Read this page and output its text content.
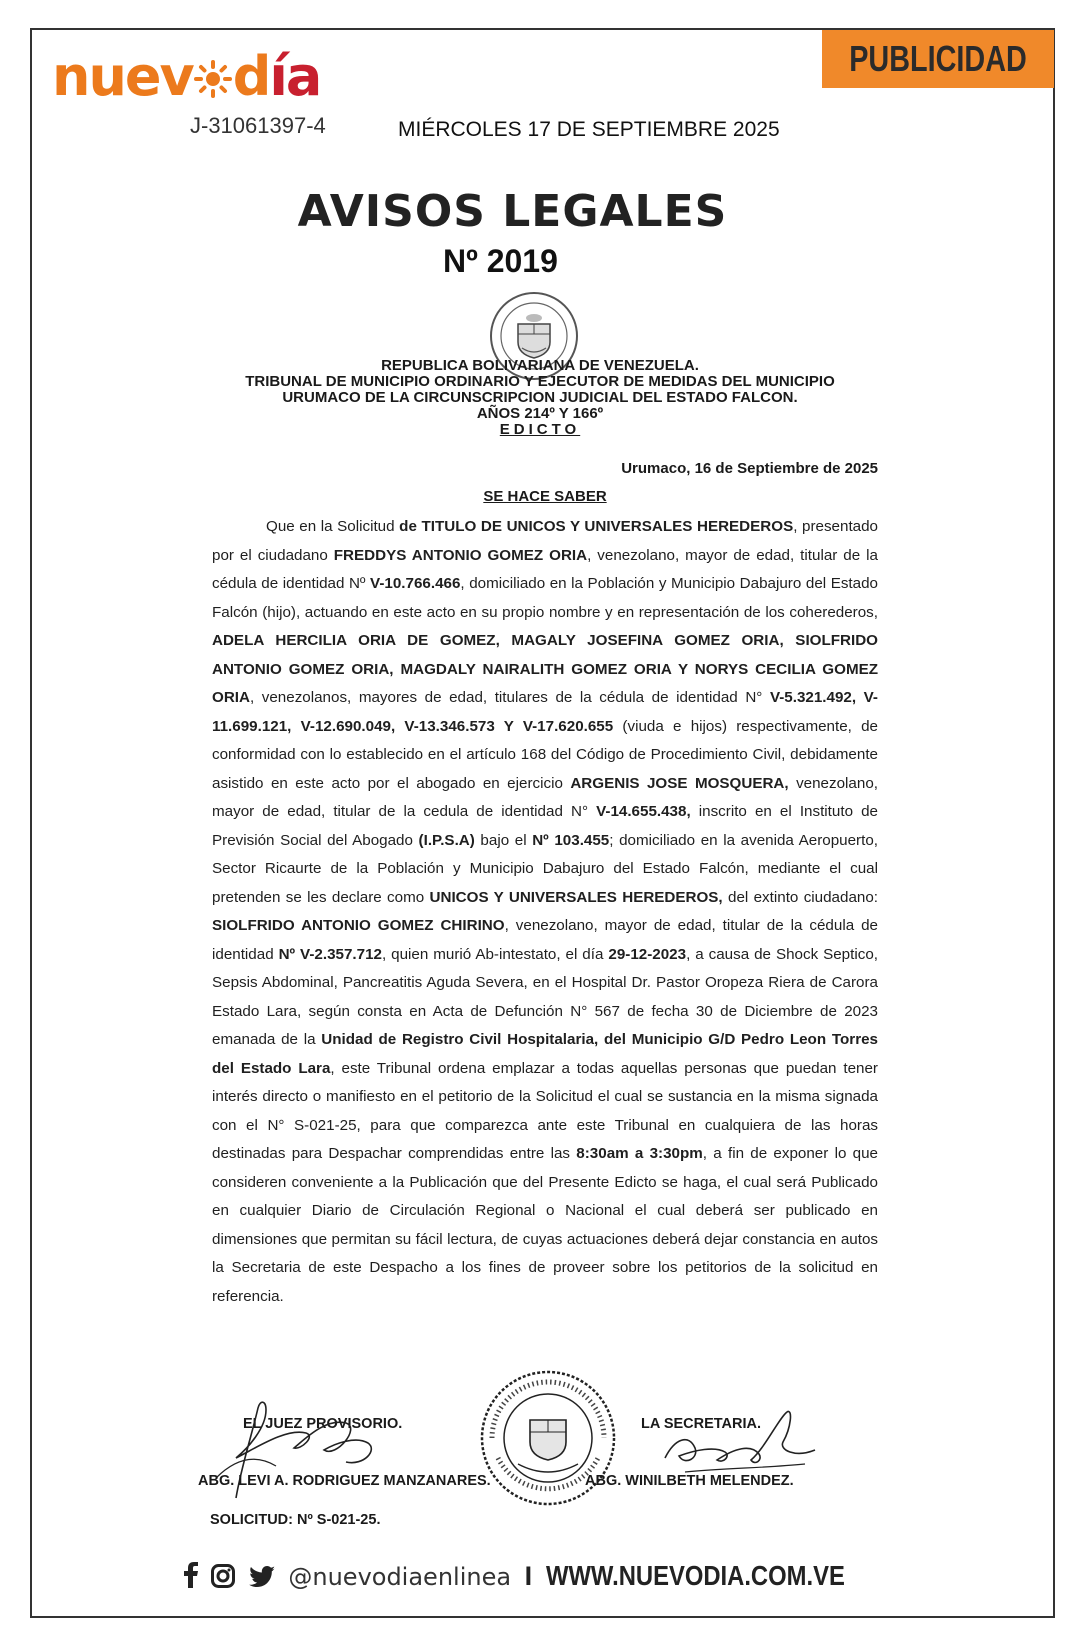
PUBLICIDAD
nuev día
J-31061397-4	MIÉRCOLES 17 DE SEPTIEMBRE 2025
AVISOS LEGALES
Nº 2019
REPUBLICA BOLIVARIANA DE VENEZUELA.
TRIBUNAL DE MUNICIPIO ORDINARIO Y EJECUTOR DE MEDIDAS DEL MUNICIPIO
URUMACO DE LA CIRCUNSCRIPCION JUDICIAL DEL ESTADO FALCON.
AÑOS 214º Y 166º
EDICTO
Urumaco, 16 de Septiembre de 2025
SE HACE SABER

Que en la Solicitud de TITULO DE UNICOS Y UNIVERSALES HEREDEROS, presentado por el ciudadano FREDDYS ANTONIO GOMEZ ORIA, venezolano, mayor de edad, titular de la cédula de identidad Nº V-10.766.466, domiciliado en la Población y Municipio Dabajuro del Estado Falcón (hijo), actuando en este acto en su propio nombre y en representación de los coherederos, ADELA HERCILIA ORIA DE GOMEZ, MAGALY JOSEFINA GOMEZ ORIA, SIOLFRIDO ANTONIO GOMEZ ORIA, MAGDALY NAIRALITH GOMEZ ORIA Y NORYS CECILIA GOMEZ ORIA, venezolanos, mayores de edad, titulares de la cédula de identidad N° V-5.321.492, V-11.699.121, V-12.690.049, V-13.346.573 Y V-17.620.655 (viuda e hijos) respectivamente, de conformidad con lo establecido en el artículo 168 del Código de Procedimiento Civil, debidamente asistido en este acto por el abogado en ejercicio ARGENIS JOSE MOSQUERA, venezolano, mayor de edad, titular de la cedula de identidad N° V-14.655.438, inscrito en el Instituto de Previsión Social del Abogado (I.P.S.A) bajo el Nº 103.455; domiciliado en la avenida Aeropuerto, Sector Ricaurte de la Población y Municipio Dabajuro del Estado Falcón, mediante el cual pretenden se les declare como UNICOS Y UNIVERSALES HEREDEROS, del extinto ciudadano: SIOLFRIDO ANTONIO GOMEZ CHIRINO, venezolano, mayor de edad, titular de la cédula de identidad Nº V-2.357.712, quien murió Ab-intestato, el día 29-12-2023, a causa de Shock Septico, Sepsis Abdominal, Pancreatitis Aguda Severa, en el Hospital Dr. Pastor Oropeza Riera de Carora Estado Lara, según consta en Acta de Defunción N° 567 de fecha 30 de Diciembre de 2023 emanada de la Unidad de Registro Civil Hospitalaria, del Municipio G/D Pedro Leon Torres del Estado Lara, este Tribunal ordena emplazar a todas aquellas personas que puedan tener interés directo o manifiesto en el petitorio de la Solicitud el cual se sustancia en la misma signada con el N° S-021-25, para que comparezca ante este Tribunal en cualquiera de las horas destinadas para Despachar comprendidas entre las 8:30am a 3:30pm, a fin de exponer lo que consideren conveniente a la Publicación que del Presente Edicto se haga, el cual será Publicado en cualquier Diario de Circulación Regional o Nacional el cual deberá ser publicado en dimensiones que permitan su fácil lectura, de cuyas actuaciones deberá dejar constancia en autos la Secretaria de este Despacho a los fines de proveer sobre los petitorios de la solicitud en referencia.

EL JUEZ PROVISORIO.	LA SECRETARIA.
ABG. LEVI A. RODRIGUEZ MANZANARES.	ABG. WINILBETH MELENDEZ.
SOLICITUD: Nº S-021-25.
@nuevodiaenlinea I WWW.NUEVODIA.COM.VE
